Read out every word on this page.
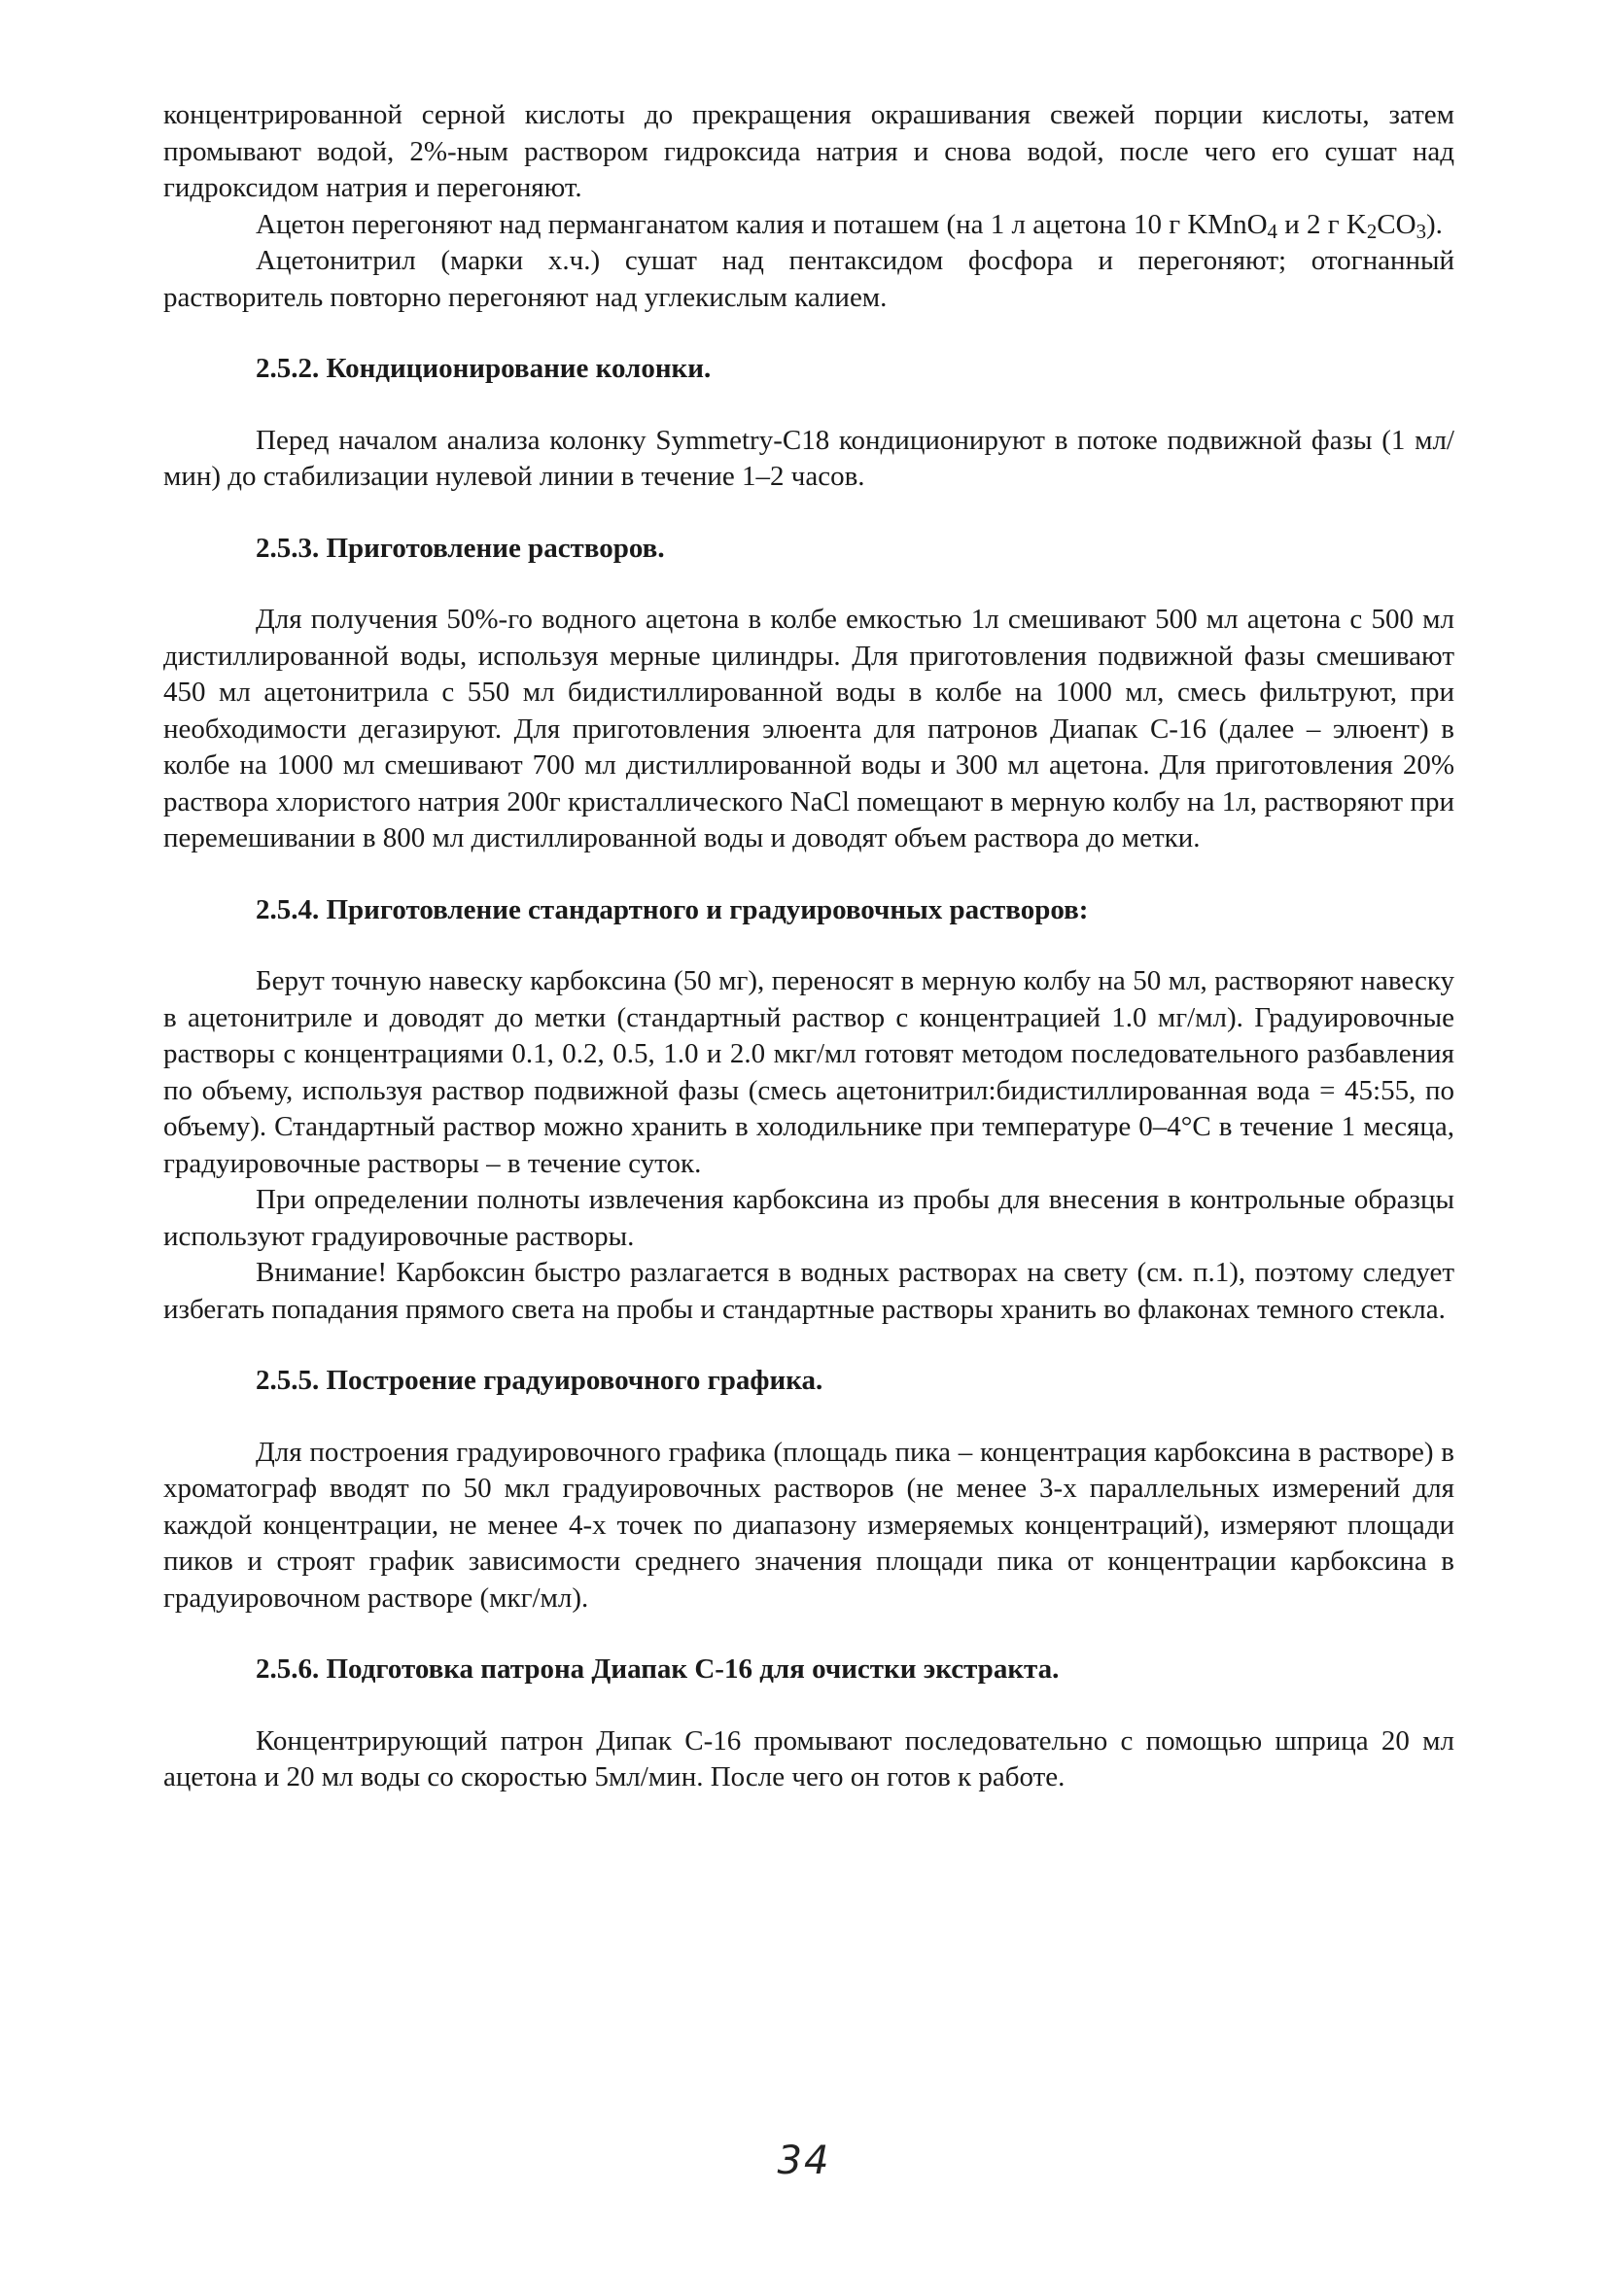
концентрированной серной кислоты до прекращения окрашивания свежей порции кислоты, затем промывают водой, 2%-ным раствором гидроксида натрия и снова водой, после чего его сушат над гидроксидом натрия и перегоняют.

Ацетон перегоняют над перманганатом калия и поташем (на 1 л ацетона 10 г KMnO$_4$ и 2 г $K_2CO_3$).

Ацетонитрил (марки х.ч.) сушат над пентаксидом фосфора и перегоняют; отогнанный растворитель повторно перегоняют над углекислым калием.

2.5.2. Кондиционирование колонки.

Перед началом анализа колонку Symmetry-C18 кондиционируют в потоке подвижной фазы (1 мл/мин) до стабилизации нулевой линии в течение 1–2 часов.

2.5.3. Приготовление растворов.

Для получения 50%-го водного ацетона в колбе емкостью 1л смешивают 500 мл ацетона с 500 мл дистиллированной воды, используя мерные цилиндры. Для приготовления подвижной фазы смешивают 450 мл ацетонитрила с 550 мл бидистиллированной воды в колбе на 1000 мл, смесь фильтруют, при необходимости дегазируют. Для приготовления элюента для патронов Диапак С-16 (далее – элюент) в колбе на 1000 мл смешивают 700 мл дистиллированной воды и 300 мл ацетона. Для приготовления 20% раствора хлористого натрия 200г кристаллического NaCl помещают в мерную колбу на 1л, растворяют при перемешивании в 800 мл дистиллированной воды и доводят объем раствора до метки.

2.5.4. Приготовление стандартного и градуировочных растворов:

Берут точную навеску карбоксина (50 мг), переносят в мерную колбу на 50 мл, растворяют навеску в ацетонитриле и доводят до метки (стандартный раствор с концентрацией 1.0 мг/мл). Градуировочные растворы с концентрациями 0.1, 0.2, 0.5, 1.0 и 2.0 мкг/мл готовят методом последовательного разбавления по объему, используя раствор подвижной фазы (смесь ацетонитрил:бидистиллированная вода = 45:55, по объему). Стандартный раствор можно хранить в холодильнике при температуре 0–4°С в течение 1 месяца, градуировочные растворы – в течение суток.

При определении полноты извлечения карбоксина из пробы для внесения в контрольные образцы используют градуировочные растворы.

Внимание! Карбоксин быстро разлагается в водных растворах на свету (см. п.1), поэтому следует избегать попадания прямого света на пробы и стандартные растворы хранить во флаконах темного стекла.

2.5.5. Построение градуировочного графика.

Для построения градуировочного графика (площадь пика – концентрация карбоксина в растворе) в хроматограф вводят по 50 мкл градуировочных растворов (не менее 3-х параллельных измерений для каждой концентрации, не менее 4-х точек по диапазону измеряемых концентраций), измеряют площади пиков и строят график зависимости среднего значения площади пика от концентрации карбоксина в градуировочном растворе (мкг/мл).

2.5.6. Подготовка патрона Диапак С-16 для очистки экстракта.

Концентрирующий патрон Дипак С-16 промывают последовательно с помощью шприца 20 мл ацетона и 20 мл воды со скоростью 5мл/мин. После чего он готов к работе.

34
